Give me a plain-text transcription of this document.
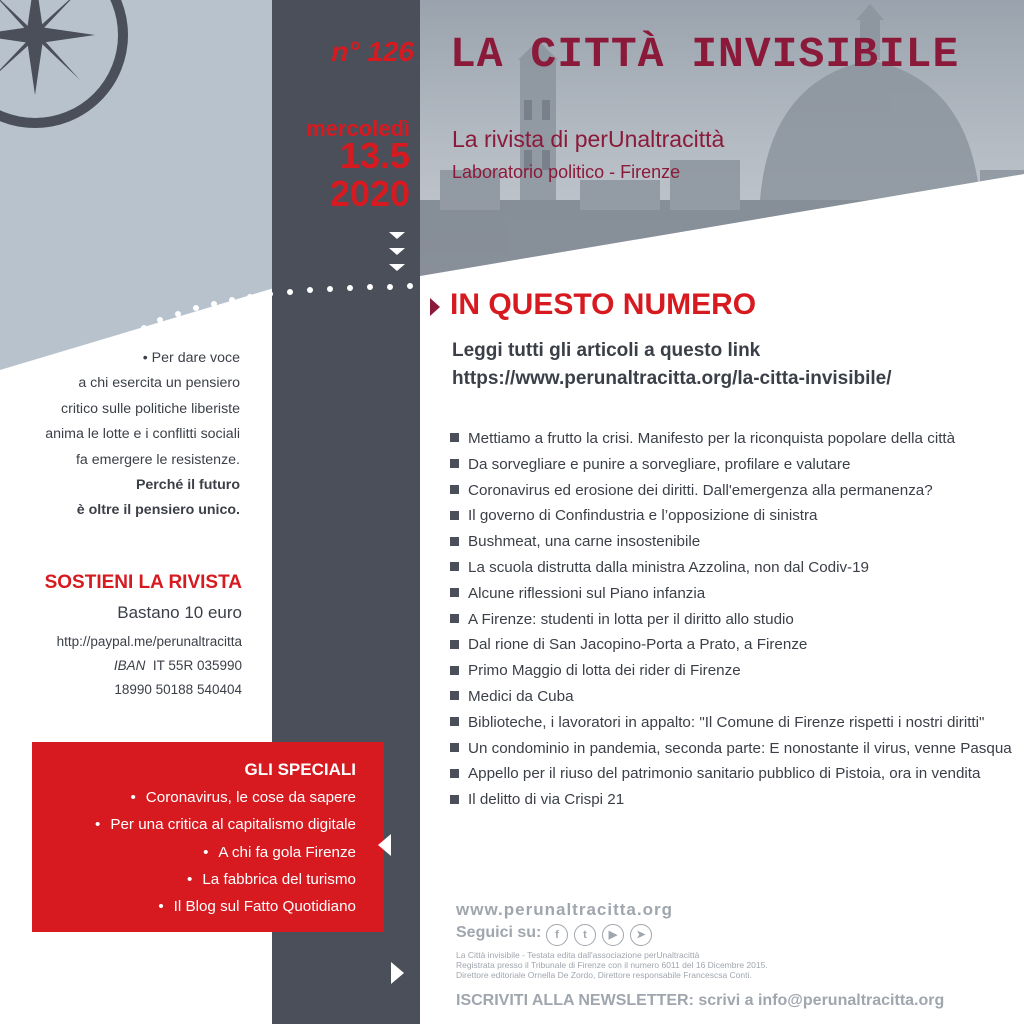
n° 126
mercoledì
13.5
2020
LA CITTÀ INVISIBILE
La rivista di perUnaltracittà
Laboratorio politico - Firenze
IN QUESTO NUMERO
Leggi tutti gli articoli a questo link
https://www.perunaltracitta.org/la-citta-invisibile/
Mettiamo a frutto la crisi. Manifesto per la riconquista popolare della città
Da sorvegliare e punire a sorvegliare, profilare e valutare
Coronavirus ed erosione dei diritti. Dall'emergenza alla permanenza?
Il governo di Confindustria e l’opposizione di sinistra
Bushmeat, una carne insostenibile
La scuola distrutta dalla ministra Azzolina, non dal Codiv-19
Alcune riflessioni sul Piano infanzia
A Firenze: studenti in lotta per il diritto allo studio
Dal rione di San Jacopino-Porta a Prato, a Firenze
Primo Maggio di lotta dei rider di Firenze
Medici da Cuba
Biblioteche, i lavoratori in appalto: "Il Comune di Firenze rispetti i nostri diritti"
Un condominio in pandemia, seconda parte: E nonostante il virus, venne Pasqua
Appello per il riuso del patrimonio sanitario pubblico di Pistoia, ora in vendita
Il delitto di via Crispi 21
• Per dare voce
a chi esercita un pensiero
critico sulle politiche liberiste
anima le lotte e i conflitti sociali
fa emergere le resistenze.
Perché il futuro
è oltre il pensiero unico.
SOSTIENI LA RIVISTA
Bastano 10 euro
http://paypal.me/perunaltracitta
IBAN IT 55R 035990
18990 50188 540404
GLI SPECIALI
• Coronavirus, le cose da sapere
• Per una critica al capitalismo digitale
• A chi fa gola Firenze
• La fabbrica del turismo
• Il Blog sul Fatto Quotidiano	www.perunaltracitta.org
Seguici su:	f	t	▶	➤
La Città invisibile - Testata edita dall'associazione perUnaltracittà
Registrata presso il Tribunale di Firenze con il numero 6011 del 16 Dicembre 2015.
Direttore editoriale Ornella De Zordo, Direttore responsabile Francescsa Conti.
ISCRIVITI ALLA NEWSLETTER: scrivi a info@perunaltracitta.org
